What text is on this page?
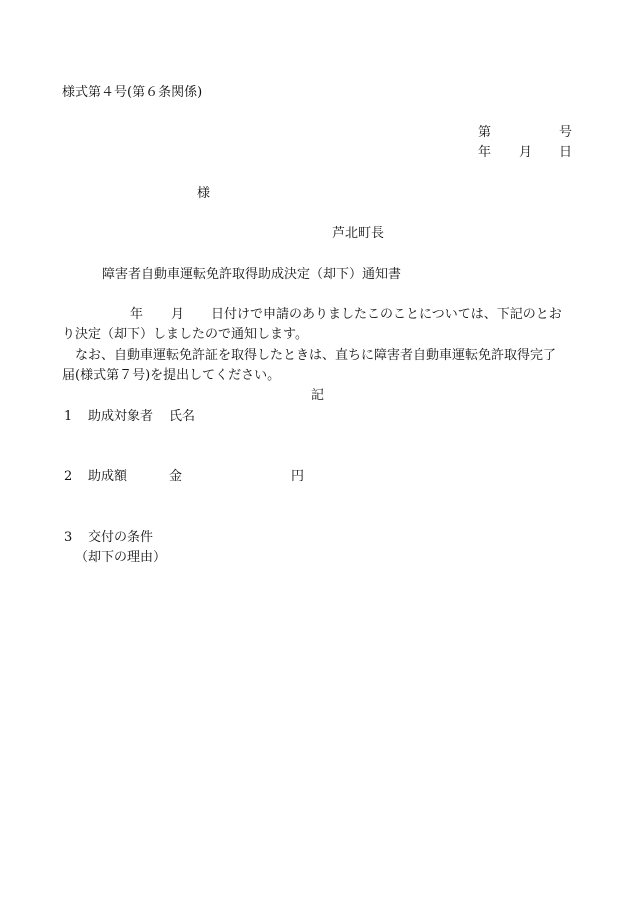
様式第４号(第６条関係)

第	号

年 月 日

様

芦北町長

障害者自動車運転免許取得助成決定（却下）通知書

年 月 日付けで申請のありましたこのことについては、下記のとお

り決定（却下）しましたので通知します。

なお、自動車運転免許証を取得したときは、直ちに障害者自動車運転免許取得完了

届(様式第７号)を提出してください。

記

1 助成対象者 氏名

2 助成額	金	円

3 交付の条件

（却下の理由）
